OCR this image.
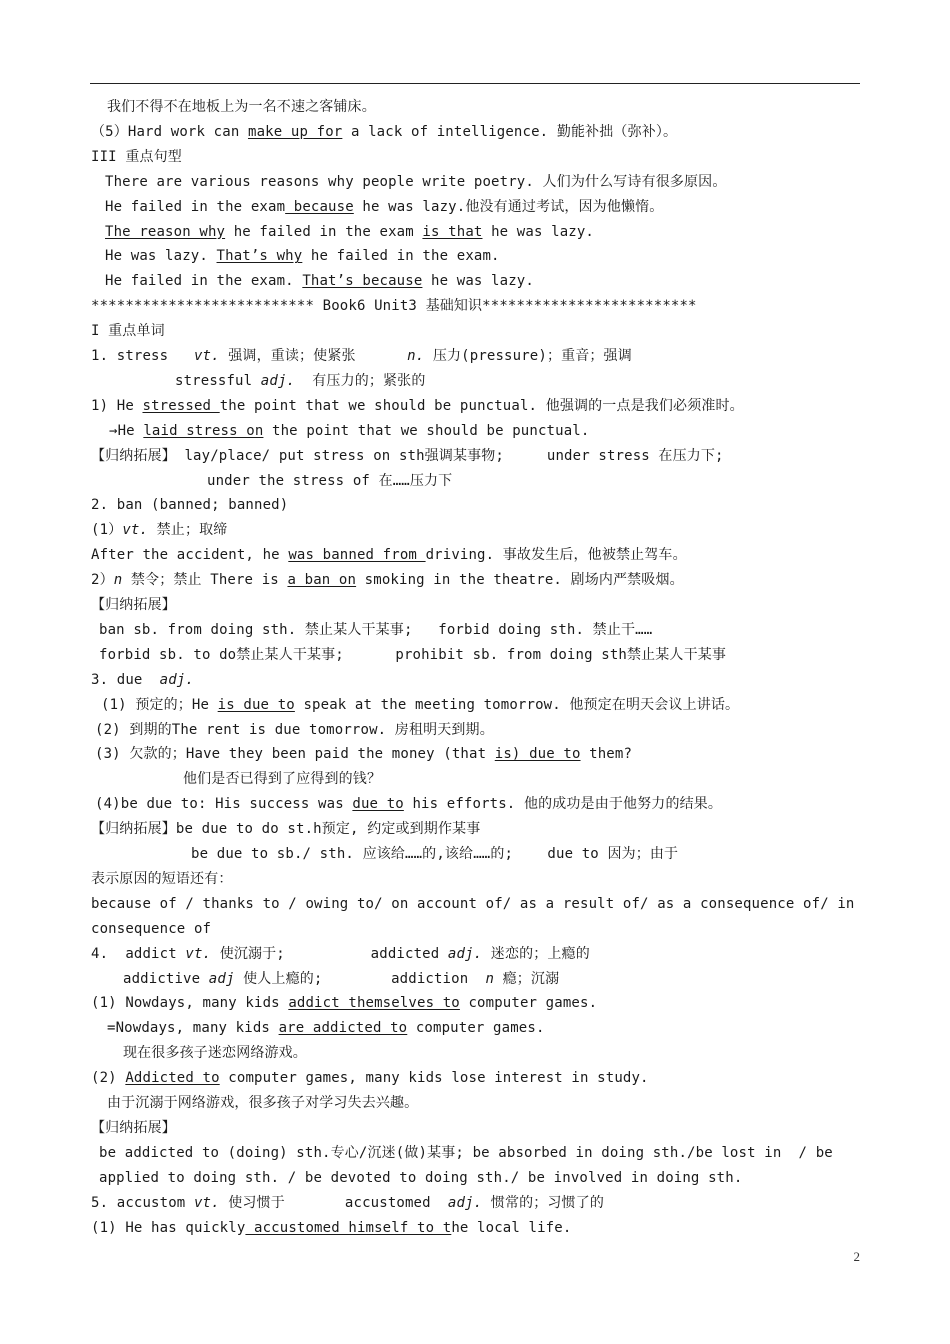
我们不得不在地板上为一名不速之客铺床。
（5）Hard work can make up for a lack of intelligence. 勤能补拙（弥补）。
III 重点句型
There are various reasons why people write poetry. 人们为什么写诗有很多原因。
He failed in the exam because he was lazy.他没有通过考试，因为他懒惰。
The reason why he failed in the exam is that he was lazy.
He was lazy. That’s why he failed in the exam.
He failed in the exam. That’s because he was lazy.
************************** Book6 Unit3 基础知识*************************
I 重点单词
1. stress   vt. 强调，重读；使紧张      n. 压力(pressure)；重音；强调
stressful adj.  有压力的；紧张的
1) He stressed the point that we should be punctual. 他强调的一点是我们必须准时。
→He laid stress on the point that we should be punctual.
【归纳拓展】 lay/place/ put stress on sth强调某事物;     under stress 在压力下;
under the stress of 在……压力下
2. ban (banned; banned)
(1）vt. 禁止；取缔
After the accident, he was banned from driving. 事故发生后，他被禁止驾车。
2）n 禁令；禁止 There is a ban on smoking in the theatre. 剧场内严禁吸烟。
【归纳拓展】
ban sb. from doing sth. 禁止某人干某事;   forbid doing sth. 禁止干……
forbid sb. to do禁止某人干某事;      prohibit sb. from doing sth禁止某人干某事
3. due  adj.
(1) 预定的；He is due to speak at the meeting tomorrow. 他预定在明天会议上讲话。
(2) 到期的The rent is due tomorrow. 房租明天到期。
(3) 欠款的；Have they been paid the money (that is) due to them?
他们是否已得到了应得到的钱？
(4)be due to: His success was due to his efforts. 他的成功是由于他努力的结果。
【归纳拓展】be due to do st.h预定, 约定或到期作某事
be due to sb./ sth. 应该给……的,该给……的;    due to 因为；由于
表示原因的短语还有：
because of / thanks to / owing to/ on account of/ as a result of/ as a consequence of/ in
consequence of
4.  addict vt. 使沉溺于;          addicted adj. 迷恋的；上瘾的
addictive adj 使人上瘾的;        addiction  n 瘾；沉溺
(1) Nowdays, many kids addict themselves to computer games.
=Nowdays, many kids are addicted to computer games.
现在很多孩子迷恋网络游戏。
(2) Addicted to computer games, many kids lose interest in study.
由于沉溺于网络游戏，很多孩子对学习失去兴趣。
【归纳拓展】
be addicted to (doing) sth.专心/沉迷(做)某事; be absorbed in doing sth./be lost in  / be
applied to doing sth. / be devoted to doing sth./ be involved in doing sth.
5. accustom vt. 使习惯于       accustomed  adj. 惯常的；习惯了的
(1) He has quickly accustomed himself to the local life.
2
